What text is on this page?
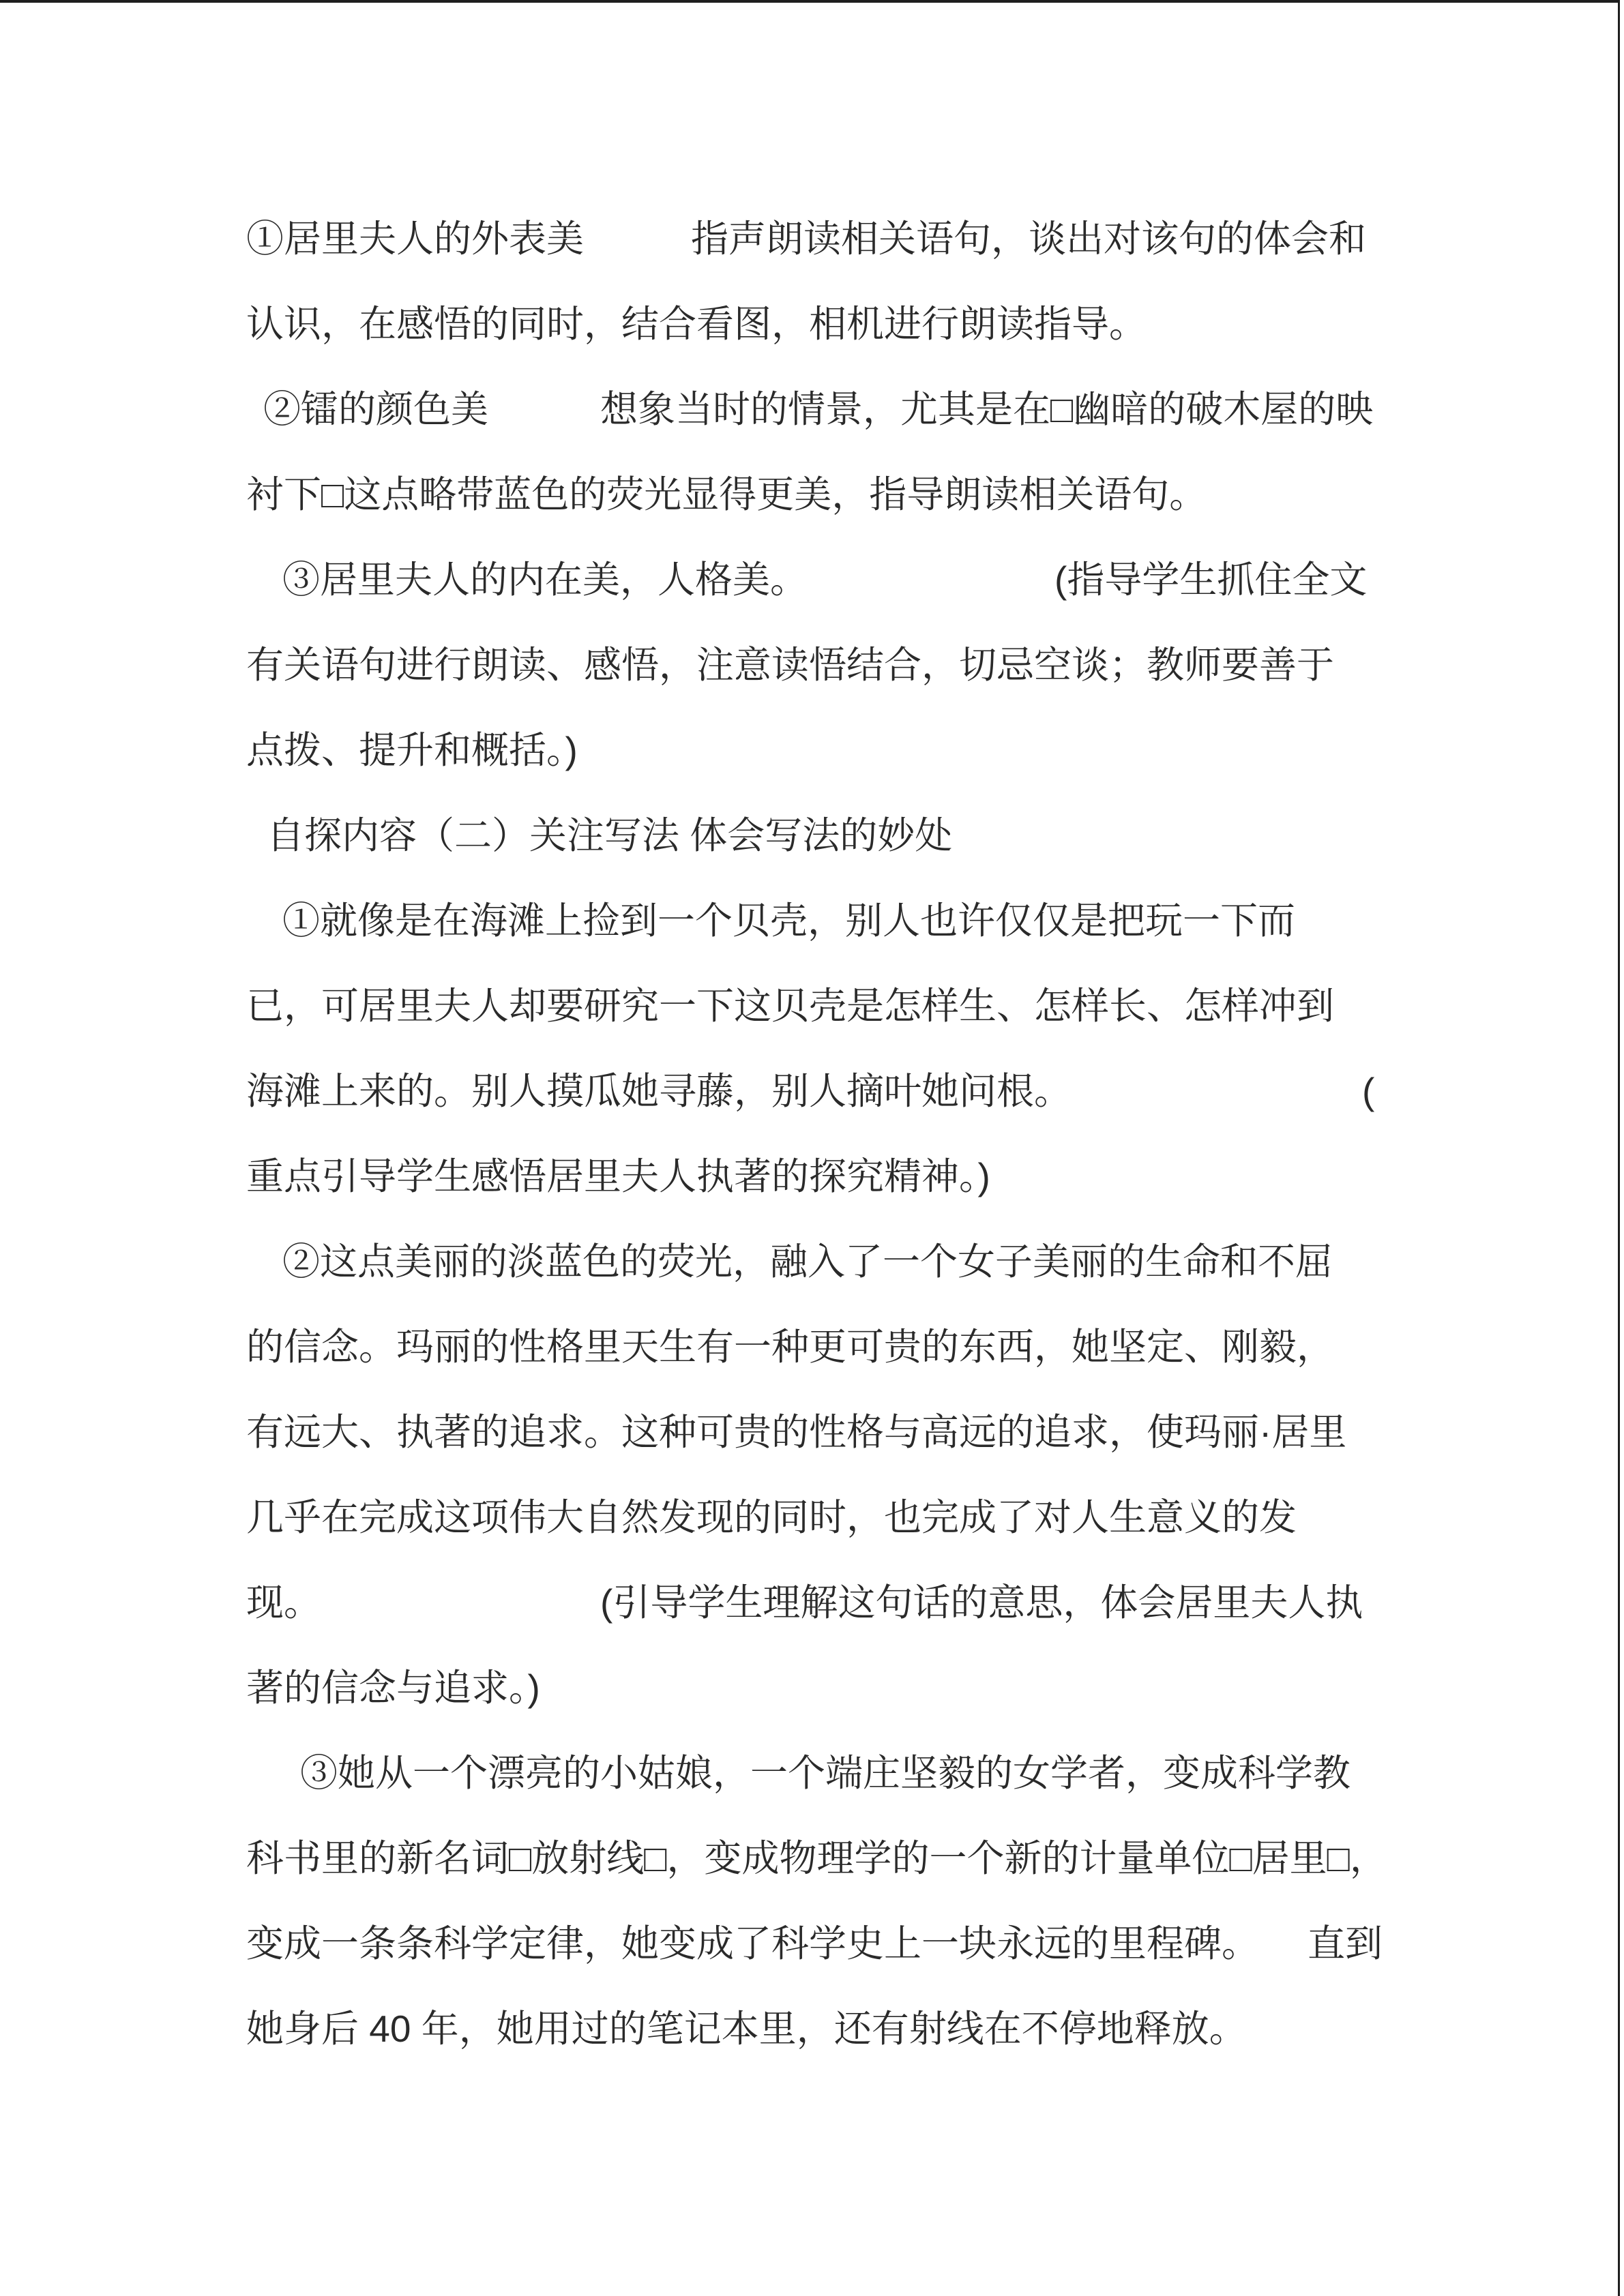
①居里夫人的外表美	指声朗读相关语句，谈出对该句的体会和

认识，在感悟的同时，结合看图，相机进行朗读指导。

②镭的颜色美	想象当时的情景，尤其是在□幽暗的破木屋的映

衬下□这点略带蓝色的荧光显得更美，指导朗读相关语句。

③居里夫人的内在美，人格美。	(指导学生抓住全文

有关语句进行朗读、感悟，注意读悟结合，切忌空谈；教师要善于

点拨、提升和概括。)

自探内容（二）关注写法 体会写法的妙处

①就像是在海滩上捡到一个贝壳，别人也许仅仅是把玩一下而

已，可居里夫人却要研究一下这贝壳是怎样生、怎样长、怎样冲到

海滩上来的。别人摸瓜她寻藤，别人摘叶她问根。	(

重点引导学生感悟居里夫人执著的探究精神。)

②这点美丽的淡蓝色的荧光，融入了一个女子美丽的生命和不屈

的信念。玛丽的性格里天生有一种更可贵的东西，她坚定、刚毅，

有远大、执著的追求。这种可贵的性格与高远的追求，使玛丽·居里

几乎在完成这项伟大自然发现的同时，也完成了对人生意义的发

现。	(引导学生理解这句话的意思，体会居里夫人执

著的信念与追求。)

③她从一个漂亮的小姑娘，一个端庄坚毅的女学者，变成科学教

科书里的新名词□放射线□，变成物理学的一个新的计量单位□居里□，

变成一条条科学定律，她变成了科学史上一块永远的里程碑。 直到

她身后 40 年，她用过的笔记本里，还有射线在不停地释放。
